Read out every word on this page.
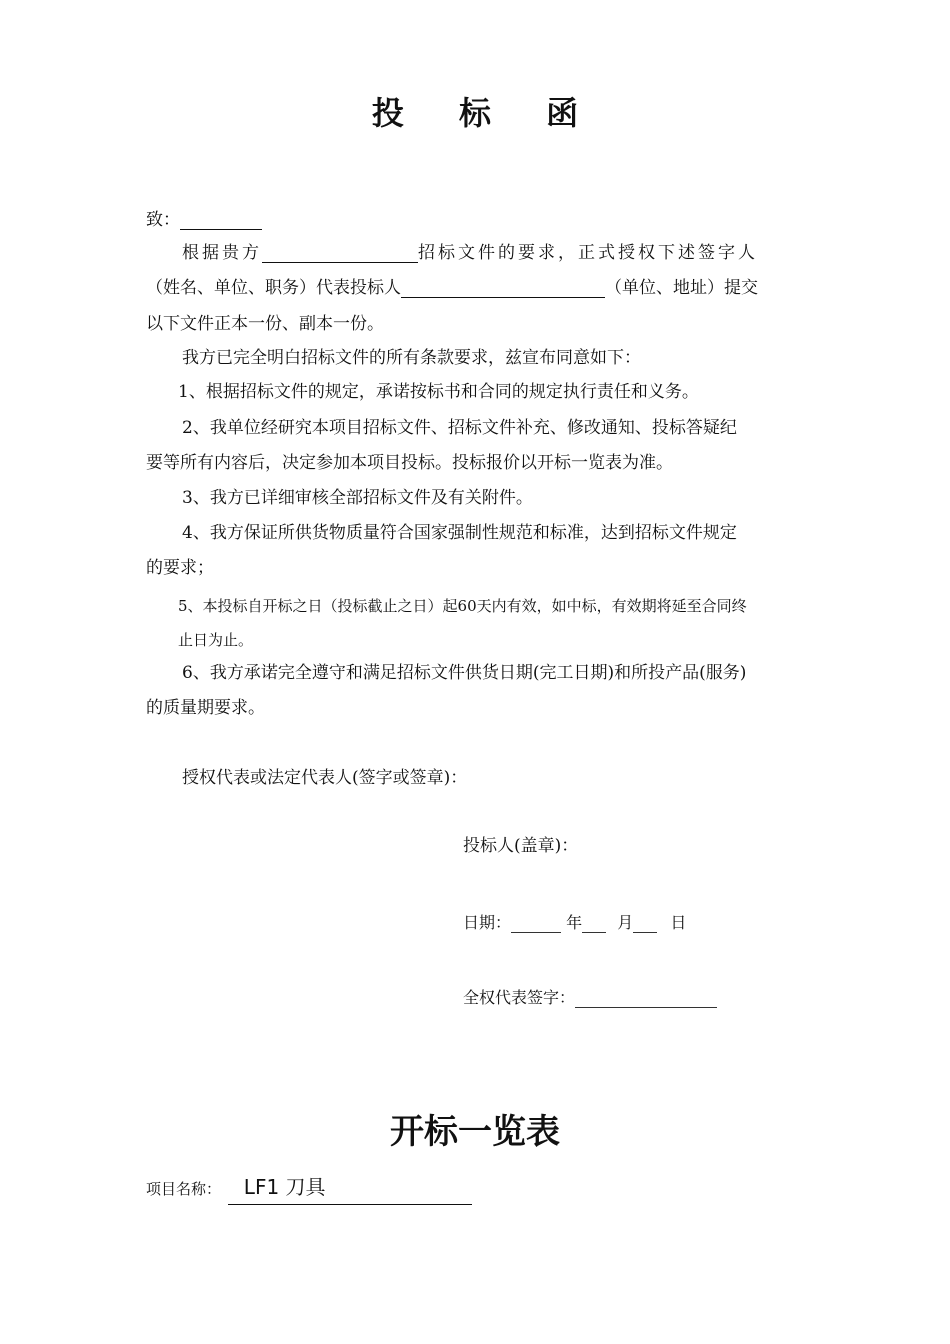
投 标 函
致：
根据贵方	招标文件的要求，正式授权下述签字人
（姓名、单位、职务）代表投标人	（单位、地址）提交
以下文件正本一份、副本一份。
我方已完全明白招标文件的所有条款要求，兹宣布同意如下：
1、根据招标文件的规定，承诺按标书和合同的规定执行责任和义务。
2、我单位经研究本项目招标文件、招标文件补充、修改通知、投标答疑纪
要等所有内容后，决定参加本项目投标。投标报价以开标一览表为准。
3、我方已详细审核全部招标文件及有关附件。
4、我方保证所供货物质量符合国家强制性规范和标准，达到招标文件规定
的要求；
5、本投标自开标之日（投标截止之日）起60天内有效，如中标，有效期将延至合同终
止日为止。
6、我方承诺完全遵守和满足招标文件供货日期(完工日期)和所投产品(服务)
的质量期要求。
授权代表或法定代表人(签字或签章)：
投标人(盖章)：
日期：	年 月 日
全权代表签字：
开标一览表
项目名称： LF1 刀具
